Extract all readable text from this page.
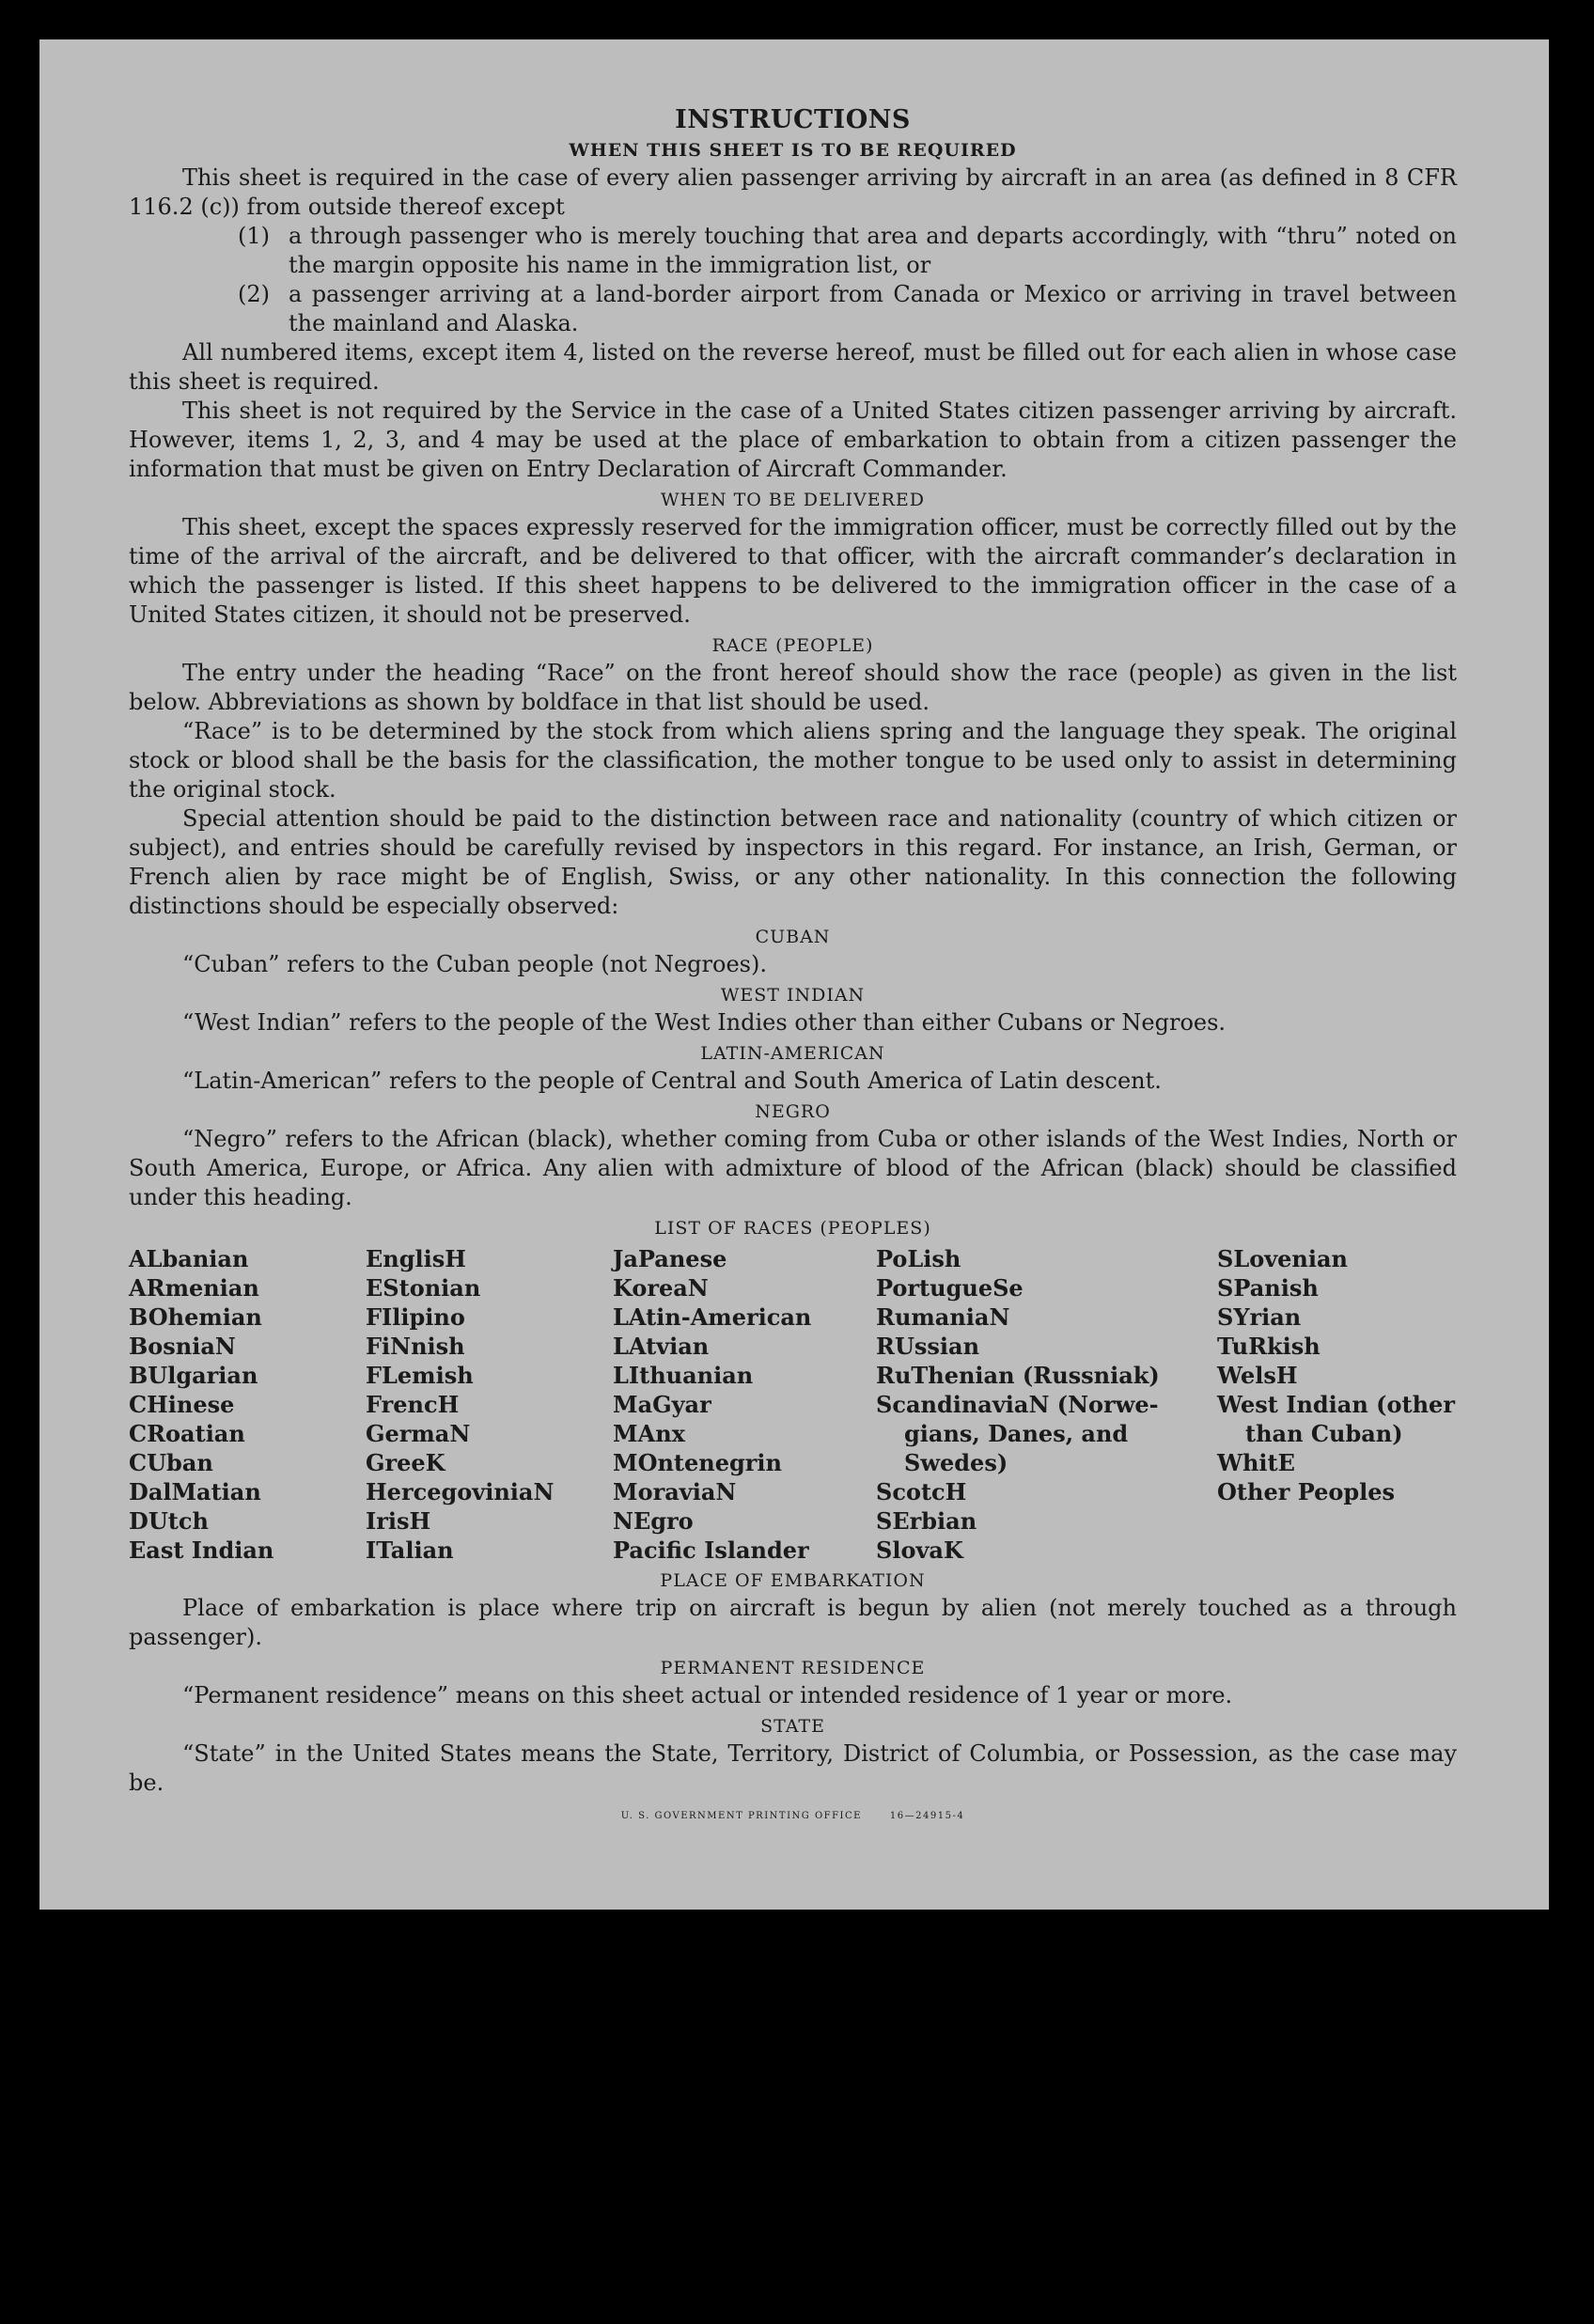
INSTRUCTIONS
WHEN THIS SHEET IS TO BE REQUIRED

This sheet is required in the case of every alien passenger arriving by aircraft in an area (as defined in 8 CFR 116.2 (c)) from outside thereof except

(1) a through passenger who is merely touching that area and departs accordingly, with “thru” noted on the margin opposite his name in the immigration list, or
(2) a passenger arriving at a land-border airport from Canada or Mexico or arriving in travel between the mainland and Alaska.

All numbered items, except item 4, listed on the reverse hereof, must be filled out for each alien in whose case this sheet is required.

This sheet is not required by the Service in the case of a United States citizen passenger arriving by aircraft. However, items 1, 2, 3, and 4 may be used at the place of embarkation to obtain from a citizen passenger the information that must be given on Entry Declaration of Aircraft Commander.

WHEN TO BE DELIVERED

This sheet, except the spaces expressly reserved for the immigration officer, must be correctly filled out by the time of the arrival of the aircraft, and be delivered to that officer, with the aircraft commander’s declaration in which the passenger is listed. If this sheet happens to be delivered to the immigration officer in the case of a United States citizen, it should not be preserved.

RACE (PEOPLE)

The entry under the heading “Race” on the front hereof should show the race (people) as given in the list below. Abbreviations as shown by boldface in that list should be used.

“Race” is to be determined by the stock from which aliens spring and the language they speak. The original stock or blood shall be the basis for the classification, the mother tongue to be used only to assist in determining the original stock.

Special attention should be paid to the distinction between race and nationality (country of which citizen or subject), and entries should be carefully revised by inspectors in this regard. For instance, an Irish, German, or French alien by race might be of English, Swiss, or any other nationality. In this connection the following distinctions should be especially observed:

CUBAN

“Cuban” refers to the Cuban people (not Negroes).

WEST INDIAN

“West Indian” refers to the people of the West Indies other than either Cubans or Negroes.

LATIN-AMERICAN

“Latin-American” refers to the people of Central and South America of Latin descent.

NEGRO

“Negro” refers to the African (black), whether coming from Cuba or other islands of the West Indies, North or South America, Europe, or Africa. Any alien with admixture of blood of the African (black) should be classified under this heading.

LIST OF RACES (PEOPLES)
ALbanian
ARmenian
BOhemian
BosniaN
BUlgarian
CHinese
CRoatian
CUban
DalMatian
DUtch
East Indian
EnglisH
EStonian
FIlipino
FiNnish
FLemish
FrencH
GermaN
GreeK
HercegovinіaN
IrisH
ITalian
JaPanese
KoreaN
LAtin-American
LAtvian
LIthuanian
MaGyar
MAnx
MOntenegrin
MoraviaN
NEgro
Pacific Islander
PoLish
PortugueSe
RumaniaN
RUssian
RuThenian (Russniak)
ScandinaviaN (Norwe-
gians, Danes, and
Swedes)
ScotcH
SErbian
SlovaK
SLovenian
SPanish
SYrian
TuRkish
WelsH
West Indian (other
than Cuban)
WhitE
Other Peoples
PLACE OF EMBARKATION

Place of embarkation is place where trip on aircraft is begun by alien (not merely touched as a through passenger).

PERMANENT RESIDENCE

“Permanent residence” means on this sheet actual or intended residence of 1 year or more.

STATE

“State” in the United States means the State, Territory, District of Columbia, or Possession, as the case may be.

U. S. GOVERNMENT PRINTING OFFICE	16—24915-4
